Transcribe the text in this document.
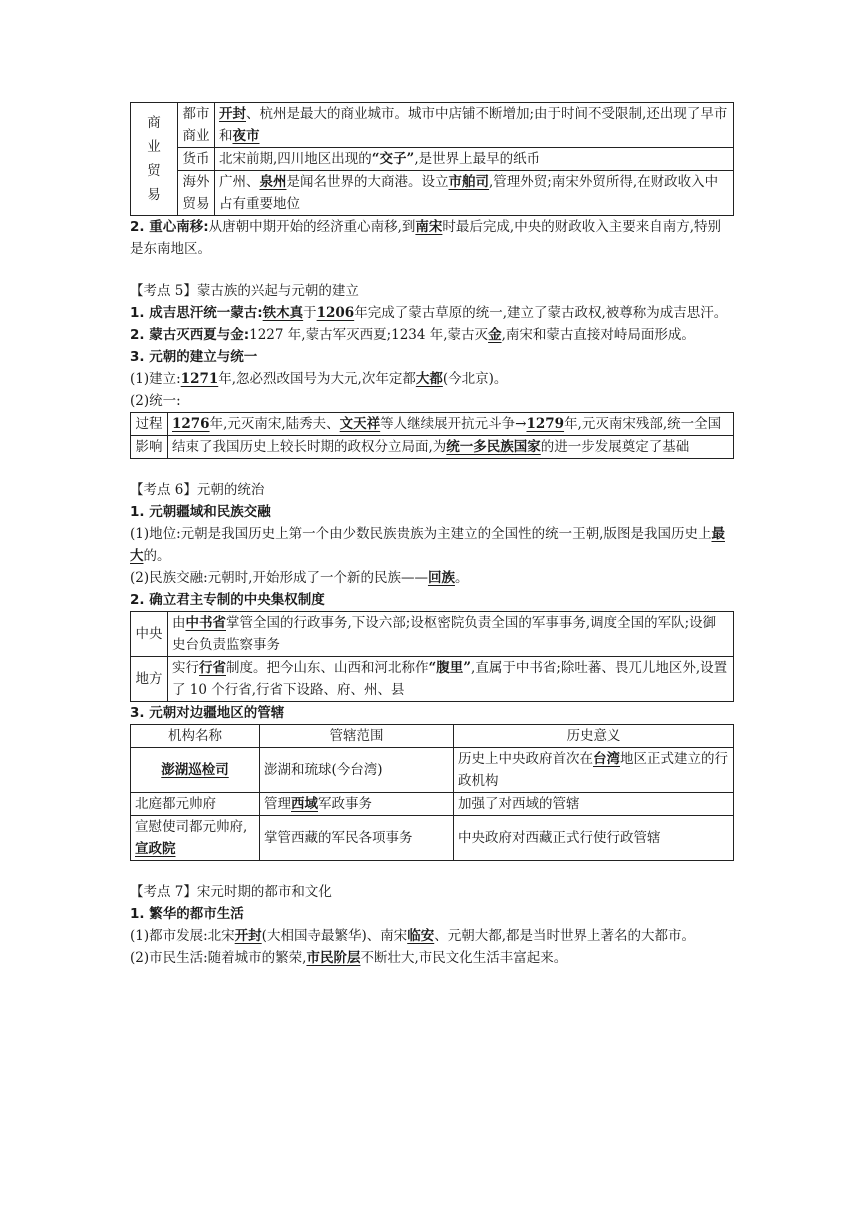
商业贸易	都市商业	开封、杭州是最大的商业城市。城市中店铺不断增加;由于时间不受限制,还出现了早市和夜市
	货币	北宋前期,四川地区出现的“交子”,是世界上最早的纸币
	海外贸易	广州、泉州是闻名世界的大商港。设立市舶司,管理外贸;南宋外贸所得,在财政收入中占有重要地位

2. 重心南移:从唐朝中期开始的经济重心南移,到南宋时最后完成,中央的财政收入主要来自南方,特别是东南地区。

【考点 5】蒙古族的兴起与元朝的建立

1. 成吉思汗统一蒙古:铁木真于1206年完成了蒙古草原的统一,建立了蒙古政权,被尊称为成吉思汗。

2. 蒙古灭西夏与金:1227 年,蒙古军灭西夏;1234 年,蒙古灭金,南宋和蒙古直接对峙局面形成。

3. 元朝的建立与统一

(1)建立:1271年,忽必烈改国号为大元,次年定都大都(今北京)。

(2)统一:

过程	1276年,元灭南宋,陆秀夫、文天祥等人继续展开抗元斗争→1279年,元灭南宋残部,统一全国
影响	结束了我国历史上较长时期的政权分立局面,为统一多民族国家的进一步发展奠定了基础

【考点 6】元朝的统治

1. 元朝疆域和民族交融

(1)地位:元朝是我国历史上第一个由少数民族贵族为主建立的全国性的统一王朝,版图是我国历史上最大的。

(2)民族交融:元朝时,开始形成了一个新的民族——回族。

2. 确立君主专制的中央集权制度

中央	由中书省掌管全国的行政事务,下设六部;设枢密院负责全国的军事事务,调度全国的军队;设御史台负责监察事务
地方	实行行省制度。把今山东、山西和河北称作“腹里”,直属于中书省;除吐蕃、畏兀儿地区外,设置了 10 个行省,行省下设路、府、州、县

3. 元朝对边疆地区的管辖

机构名称	管辖范围	历史意义
澎湖巡检司	澎湖和琉球(今台湾)	历史上中央政府首次在台湾地区正式建立的行政机构
北庭都元帅府	管理西域军政事务	加强了对西域的管辖
宣慰使司都元帅府,宣政院	掌管西藏的军民各项事务	中央政府对西藏正式行使行政管辖

【考点 7】宋元时期的都市和文化

1. 繁华的都市生活

(1)都市发展:北宋开封(大相国寺最繁华)、南宋临安、元朝大都,都是当时世界上著名的大都市。

(2)市民生活:随着城市的繁荣,市民阶层不断壮大,市民文化生活丰富起来。
